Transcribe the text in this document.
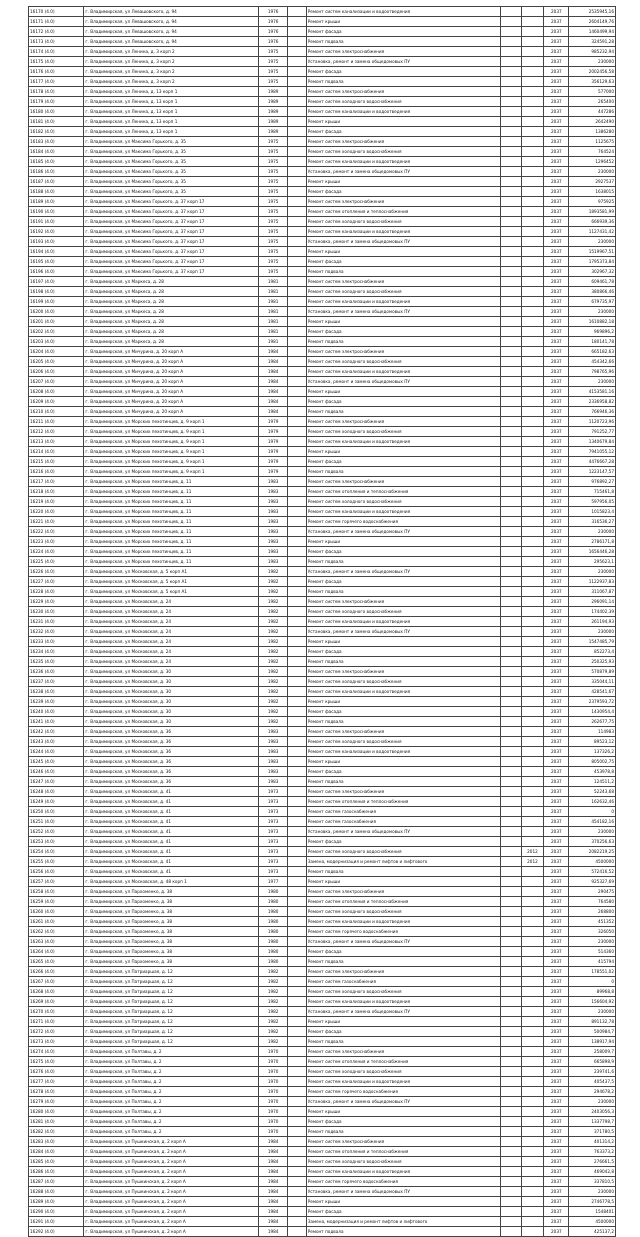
16170 (4.0)	г. Владимирская, ул Левашовского, д. 94	1976		Ремонт систем канализации и водоотведения			2037	2535945,16
16171 (4.0)	г. Владимирская, ул Левашовского, д. 94	1976		Ремонт крыши			2037	2604149,76
16172 (4.0)	г. Владимирская, ул Левашовского, д. 94	1976		Ремонт фасада			2037	1460499,94
16173 (4.0)	г. Владимирская, ул Левашовского, д. 94	1976		Ремонт подвала			2037	324591,28
16174 (4.0)	г. Владимирская, ул Ленина, д. 3 корп 2	1975		Ремонт систем электроснабжения			2037	985232,94
16175 (4.0)	г. Владимирская, ул Ленина, д. 3 корп 2	1975		Установка, ремонт и замена общедомовых ПУ			2037	230000
16176 (4.0)	г. Владимирская, ул Ленина, д. 3 корп 2	1975		Ремонт фасада			2037	2002456,58
16177 (4.0)	г. Владимирская, ул Ленина, д. 3 корп 2	1975		Ремонт подвала			2037	356129,63
16178 (4.0)	г. Владимирская, ул Ленина, д. 13 корп 1	1989		Ремонт систем электроснабжения			2037	577000
16179 (4.0)	г. Владимирская, ул Ленина, д. 13 корп 1	1989		Ремонт систем холодного водоснабжения			2037	265400
16180 (4.0)	г. Владимирская, ул Ленина, д. 13 корп 1	1989		Ремонт систем канализации и водоотведения			2037	447286
16181 (4.0)	г. Владимирская, ул Ленина, д. 13 корп 1	1989		Ремонт крыши			2037	2642490
16182 (4.0)	г. Владимирская, ул Ленина, д. 13 корп 1	1989		Ремонт фасада			2037	1386280
16183 (4.0)	г. Владимирская, ул Максима Горького, д. 35	1975		Ремонт систем электроснабжения			2037	1125675
16184 (4.0)	г. Владимирская, ул Максима Горького, д. 35	1975		Ремонт систем холодного водоснабжения			2037	764524
16185 (4.0)	г. Владимирская, ул Максима Горького, д. 35	1975		Ремонт систем канализации и водоотведения			2037	1296452
16186 (4.0)	г. Владимирская, ул Максима Горького, д. 35	1975		Установка, ремонт и замена общедомовых ПУ			2037	230000
16187 (4.0)	г. Владимирская, ул Максима Горького, д. 35	1975		Ремонт крыши			2037	2927537
16188 (4.0)	г. Владимирская, ул Максима Горького, д. 35	1975		Ремонт фасада			2037	1638015
16189 (4.0)	г. Владимирская, ул Максима Горького, д. 37 корп 17	1975		Ремонт систем электроснабжения			2037	975925
16190 (4.0)	г. Владимирская, ул Максима Горького, д. 37 корп 17	1975		Ремонт систем отопления и теплоснабжения			2037	1893581,99
16191 (4.0)	г. Владимирская, ул Максима Горького, д. 37 корп 17	1975		Ремонт систем холодного водоснабжения			2037	666939,36
16192 (4.0)	г. Владимирская, ул Максима Горького, д. 37 корп 17	1975		Ремонт систем канализации и водоотведения			2037	1127431,42
16193 (4.0)	г. Владимирская, ул Максима Горького, д. 37 корп 17	1975		Установка, ремонт и замена общедомовых ПУ			2037	230000
16194 (4.0)	г. Владимирская, ул Максима Горького, д. 37 корп 17	1975		Ремонт крыши			2037	1519967,51
16195 (4.0)	г. Владимирская, ул Максима Горького, д. 37 корп 17	1975		Ремонт фасада			2037	1795373,84
16196 (4.0)	г. Владимирская, ул Максима Горького, д. 37 корп 17	1975		Ремонт подвала			2037	302967,32
16197 (4.0)	г. Владимирская, ул Маркеса, д. 28	1981		Ремонт систем электроснабжения			2037	609461,78
16198 (4.0)	г. Владимирская, ул Маркеса, д. 28	1981		Ремонт систем холодного водоснабжения			2037	380866,46
16199 (4.0)	г. Владимирская, ул Маркеса, д. 28	1981		Ремонт систем канализации и водоотведения			2037	679735,97
16200 (4.0)	г. Владимирская, ул Маркеса, д. 28	1981		Установка, ремонт и замена общедомовых ПУ			2037	230000
16201 (4.0)	г. Владимирская, ул Маркеса, д. 28	1981		Ремонт крыши			2037	1610882,18
16202 (4.0)	г. Владимирская, ул Маркеса, д. 28	1981		Ремонт фасада			2037	969896,2
16203 (4.0)	г. Владимирская, ул Маркеса, д. 28	1981		Ремонт подвала			2037	180141,78
16204 (4.0)	г. Владимирская, ул Мичурина, д. 20 корп А	1984		Ремонт систем электроснабжения			2037	665182,63
16205 (4.0)	г. Владимирская, ул Мичурина, д. 20 корп А	1984		Ремонт систем холодного водоснабжения			2037	454342,66
16206 (4.0)	г. Владимирская, ул Мичурина, д. 20 корп А	1984		Ремонт систем канализации и водоотведения			2037	798765,96
16207 (4.0)	г. Владимирская, ул Мичурина, д. 20 корп А	1984		Установка, ремонт и замена общедомовых ПУ			2037	230000
16208 (4.0)	г. Владимирская, ул Мичурина, д. 20 корп А	1984		Ремонт крыши			2037	4153581,16
16209 (4.0)	г. Владимирская, ул Мичурина, д. 20 корп А	1984		Ремонт фасада			2037	2336958,82
16210 (4.0)	г. Владимирская, ул Мичурина, д. 20 корп А	1984		Ремонт подвала			2037	766946,36
16211 (4.0)	г. Владимирская, ул Морских пехотинцев, д. 9 корп 1	1979		Ремонт систем электроснабжения			2037	1120723,96
16212 (4.0)	г. Владимирская, ул Морских пехотинцев, д. 9 корп 1	1979		Ремонт систем холодного водоснабжения			2037	791252,77
16213 (4.0)	г. Владимирская, ул Морских пехотинцев, д. 9 корп 1	1979		Ремонт систем канализации и водоотведения			2037	1340679,84
16214 (4.0)	г. Владимирская, ул Морских пехотинцев, д. 9 корп 1	1979		Ремонт крыши			2037	7941055,12
16215 (4.0)	г. Владимирская, ул Морских пехотинцев, д. 9 корп 1	1979		Ремонт фасада			2037	4476667,28
16216 (4.0)	г. Владимирская, ул Морских пехотинцев, д. 9 корп 1	1979		Ремонт подвала			2037	1223147,57
16217 (4.0)	г. Владимирская, ул Морских пехотинцев, д. 11	1983		Ремонт систем электроснабжения			2037	976892,27
16218 (4.0)	г. Владимирская, ул Морских пехотинцев, д. 11	1983		Ремонт систем отопления и теплоснабжения			2037	715461,8
16219 (4.0)	г. Владимирская, ул Морских пехотинцев, д. 11	1983		Ремонт систем холодного водоснабжения			2037	597956,05
16220 (4.0)	г. Владимирская, ул Морских пехотинцев, д. 11	1983		Ремонт систем канализации и водоотведения			2037	1015823,4
16221 (4.0)	г. Владимирская, ул Морских пехотинцев, д. 11	1983		Ремонт систем горячего водоснабжения			2037	316536,27
16222 (4.0)	г. Владимирская, ул Морских пехотинцев, д. 11	1983		Установка, ремонт и замена общедомовых ПУ			2037	230000
16223 (4.0)	г. Владимирская, ул Морских пехотинцев, д. 11	1983		Ремонт крыши			2037	2786171,8
16224 (4.0)	г. Владимирская, ул Морских пехотинцев, д. 11	1983		Ремонт фасада			2037	1656446,28
16225 (4.0)	г. Владимирская, ул Морских пехотинцев, д. 11	1983		Ремонт подвала			2037	295623,1
16226 (4.0)	г. Владимирская, ул Московская, д. 5 корп А1	1982		Установка, ремонт и замена общедомовых ПУ			2037	230000
16227 (4.0)	г. Владимирская, ул Московская, д. 5 корп А1	1982		Ремонт фасада			2037	1122937,83
16228 (4.0)	г. Владимирская, ул Московская, д. 5 корп А1	1982		Ремонт подвала			2037	311067,87
16229 (4.0)	г. Владимирская, ул Московская, д. 24	1982		Ремонт систем электроснабжения			2037	296091,14
16230 (4.0)	г. Владимирская, ул Московская, д. 24	1982		Ремонт систем холодного водоснабжения			2037	174402,39
16231 (4.0)	г. Владимирская, ул Московская, д. 24	1982		Ремонт систем канализации и водоотведения			2037	261194,93
16232 (4.0)	г. Владимирская, ул Московская, д. 24	1982		Установка, ремонт и замена общедомовых ПУ			2037	230000
16233 (4.0)	г. Владимирская, ул Московская, д. 24	1982		Ремонт крыши			2037	1547485,79
16234 (4.0)	г. Владимирская, ул Московская, д. 24	1982		Ремонт фасада			2037	852273,4
16235 (4.0)	г. Владимирская, ул Московская, д. 24	1982		Ремонт подвала			2037	250325,93
16236 (4.0)	г. Владимирская, ул Московская, д. 30	1982		Ремонт систем электроснабжения			2037	570879,89
16237 (4.0)	г. Владимирская, ул Московская, д. 30	1982		Ремонт систем холодного водоснабжения			2037	335044,11
16238 (4.0)	г. Владимирская, ул Московская, д. 30	1982		Ремонт систем канализации и водоотведения			2037	428541,67
16239 (4.0)	г. Владимирская, ул Московская, д. 30	1982		Ремонт крыши			2037	2379593,72
16240 (4.0)	г. Владимирская, ул Московская, д. 30	1982		Ремонт фасада			2037	1430954,4
16241 (4.0)	г. Владимирская, ул Московская, д. 30	1982		Ремонт подвала			2037	262677,75
16242 (4.0)	г. Владимирская, ул Московская, д. 36	1983		Ремонт систем электроснабжения			2037	114983
16243 (4.0)	г. Владимирская, ул Московская, д. 36	1983		Ремонт систем холодного водоснабжения			2037	89523,12
16244 (4.0)	г. Владимирская, ул Московская, д. 36	1983		Ремонт систем канализации и водоотведения			2037	137326,2
16245 (4.0)	г. Владимирская, ул Московская, д. 36	1983		Ремонт крыши			2037	805002,75
16246 (4.0)	г. Владимирская, ул Московская, д. 36	1983		Ремонт фасада			2037	453978,8
16247 (4.0)	г. Владимирская, ул Московская, д. 36	1983		Ремонт подвала			2037	124511,2
16248 (4.0)	г. Владимирская, ул Московская, д. 41	1973		Ремонт систем электроснабжения			2037	52243,68
16249 (4.0)	г. Владимирская, ул Московская, д. 41	1973		Ремонт систем отопления и теплоснабжения			2037	162632,46
16250 (4.0)	г. Владимирская, ул Московская, д. 41	1973		Ремонт систем газоснабжения			2037	0
16251 (4.0)	г. Владимирская, ул Московская, д. 41	1973		Ремонт систем газоснабжения			2037	454182,16
16252 (4.0)	г. Владимирская, ул Московская, д. 41	1973		Установка, ремонт и замена общедомовых ПУ			2037	230000
16253 (4.0)	г. Владимирская, ул Московская, д. 41	1973		Ремонт фасада			2037	370256,63
16254 (4.0)	г. Владимирская, ул Московская, д. 41	1973		Ремонт систем холодного водоснабжения		2012	2037	2082219,25
16255 (4.0)	г. Владимирская, ул Московская, д. 41	1973		Замена, модернизация и ремонт лифтов и лифтового		2012	2037	4500000
16256 (4.0)	г. Владимирская, ул Московская, д. 41	1973		Ремонт подвала			2037	572416,52
16257 (4.0)	г. Владимирская, ул Московская, д. 48 корп 1	1977		Ремонт крыши			2037	925327,69
16258 (4.0)	г. Владимирская, ул Пархоменко, д. 38	1980		Ремонт систем электроснабжения			2037	290475
16259 (4.0)	г. Владимирская, ул Пархоменко, д. 38	1980		Ремонт систем отопления и теплоснабжения			2037	764580
16260 (4.0)	г. Владимирская, ул Пархоменко, д. 38	1980		Ремонт систем холодного водоснабжения			2037	268800
16261 (4.0)	г. Владимирская, ул Пархоменко, д. 38	1980		Ремонт систем канализации и водоотведения			2037	451352
16262 (4.0)	г. Владимирская, ул Пархоменко, д. 38	1980		Ремонт систем горячего водоснабжения			2037	326050
16263 (4.0)	г. Владимирская, ул Пархоменко, д. 38	1980		Установка, ремонт и замена общедомовых ПУ			2037	230000
16264 (4.0)	г. Владимирская, ул Пархоменко, д. 38	1980		Ремонт фасада			2037	514360
16265 (4.0)	г. Владимирская, ул Пархоменко, д. 38	1980		Ремонт подвала			2037	415794
16266 (4.0)	г. Владимирская, ул Патриаршая, д. 12	1982		Ремонт систем электроснабжения			2037	178551,02
16267 (4.0)	г. Владимирская, ул Патриаршая, д. 12	1982		Ремонт систем газоснабжения			2037	0
16268 (4.0)	г. Владимирская, ул Патриаршая, д. 12	1982		Ремонт систем холодного водоснабжения			2037	89968,8
16269 (4.0)	г. Владимирская, ул Патриаршая, д. 12	1982		Ремонт систем канализации и водоотведения			2037	156604,92
16270 (4.0)	г. Владимирская, ул Патриаршая, д. 12	1982		Установка, ремонт и замена общедомовых ПУ			2037	230000
16271 (4.0)	г. Владимирская, ул Патриаршая, д. 12	1982		Ремонт крыши			2037	891132,78
16272 (4.0)	г. Владимирская, ул Патриаршая, д. 12	1982		Ремонт фасада			2037	500984,7
16273 (4.0)	г. Владимирская, ул Патриаршая, д. 12	1982		Ремонт подвала			2037	138917,94
16274 (4.0)	г. Владимирская, ул Полтавы, д. 2	1970		Ремонт систем электроснабжения			2037	258009,7
16275 (4.0)	г. Владимирская, ул Полтавы, д. 2	1970		Ремонт систем отопления и теплоснабжения			2037	665898,9
16276 (4.0)	г. Владимирская, ул Полтавы, д. 2	1970		Ремонт систем холодного водоснабжения			2037	239741,6
16277 (4.0)	г. Владимирская, ул Полтавы, д. 2	1970		Ремонт систем канализации и водоотведения			2037	405437,5
16278 (4.0)	г. Владимирская, ул Полтавы, д. 2	1970		Ремонт систем горячего водоснабжения			2037	294678,2
16279 (4.0)	г. Владимирская, ул Полтавы, д. 2	1970		Установка, ремонт и замена общедомовых ПУ			2037	230000
16280 (4.0)	г. Владимирская, ул Полтавы, д. 2	1970		Ремонт крыши			2037	2403056,3
16281 (4.0)	г. Владимирская, ул Полтавы, д. 2	1970		Ремонт фасада			2037	1337798,7
16282 (4.0)	г. Владимирская, ул Полтавы, д. 2	1970		Ремонт подвала			2037	371780,5
16283 (4.0)	г. Владимирская, ул Пушкинская, д. 2 корп А	1984		Ремонт систем электроснабжения			2037	401314,2
16284 (4.0)	г. Владимирская, ул Пушкинская, д. 2 корп А	1984		Ремонт систем отопления и теплоснабжения			2037	763373,2
16285 (4.0)	г. Владимирская, ул Пушкинская, д. 2 корп А	1984		Ремонт систем холодного водоснабжения			2037	276661,5
16286 (4.0)	г. Владимирская, ул Пушкинская, д. 2 корп А	1984		Ремонт систем канализации и водоотведения			2037	469042,8
16287 (4.0)	г. Владимирская, ул Пушкинская, д. 2 корп А	1984		Ремонт систем горячего водоснабжения			2037	337810,5
16288 (4.0)	г. Владимирская, ул Пушкинская, д. 2 корп А	1984		Установка, ремонт и замена общедомовых ПУ			2037	230000
16289 (4.0)	г. Владимирская, ул Пушкинская, д. 2 корп А	1984		Ремонт крыши			2037	2746778,5
16290 (4.0)	г. Владимирская, ул Пушкинская, д. 2 корп А	1984		Ремонт фасада			2037	1548401
16291 (4.0)	г. Владимирская, ул Пушкинская, д. 2 корп А	1984		Замена, модернизация и ремонт лифтов и лифтового			2037	4500000
16292 (4.0)	г. Владимирская, ул Пушкинская, д. 2 корп А	1984		Ремонт подвала			2037	425137,2
